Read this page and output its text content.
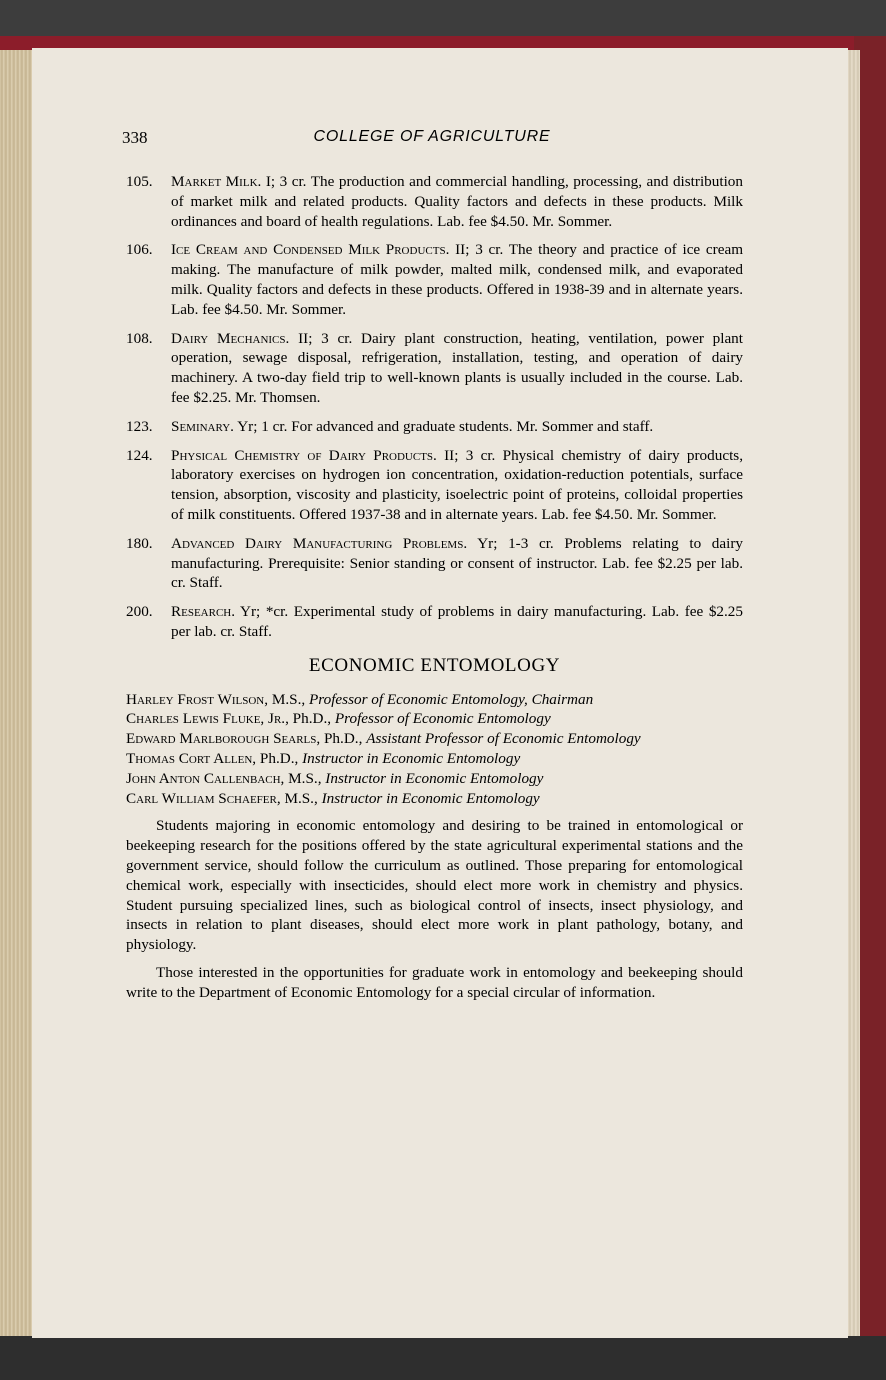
338	COLLEGE OF AGRICULTURE
105.	Market Milk. I; 3 cr. The production and commercial handling, processing, and distribution of market milk and related products. Quality factors and defects in these products. Milk ordinances and board of health regulations. Lab. fee $4.50. Mr. Sommer.
106.	Ice Cream and Condensed Milk Products. II; 3 cr. The theory and practice of ice cream making. The manufacture of milk powder, malted milk, condensed milk, and evaporated milk. Quality factors and defects in these products. Offered in 1938-39 and in alternate years. Lab. fee $4.50. Mr. Sommer.
108.	Dairy Mechanics. II; 3 cr. Dairy plant construction, heating, ventilation, power plant operation, sewage disposal, refrigeration, installation, testing, and operation of dairy machinery. A two-day field trip to well-known plants is usually included in the course. Lab. fee $2.25. Mr. Thomsen.
123.	Seminary. Yr; 1 cr. For advanced and graduate students. Mr. Sommer and staff.
124.	Physical Chemistry of Dairy Products. II; 3 cr. Physical chemistry of dairy products, laboratory exercises on hydrogen ion concentration, oxidation-reduction potentials, surface tension, absorption, viscosity and plasticity, isoelectric point of proteins, colloidal properties of milk constituents. Offered 1937-38 and in alternate years. Lab. fee $4.50. Mr. Sommer.
180.	Advanced Dairy Manufacturing Problems. Yr; 1-3 cr. Problems relating to dairy manufacturing. Prerequisite: Senior standing or consent of instructor. Lab. fee $2.25 per lab. cr. Staff.
200.	Research. Yr; *cr. Experimental study of problems in dairy manufacturing. Lab. fee $2.25 per lab. cr. Staff.
ECONOMIC ENTOMOLOGY
Harley Frost Wilson, M.S., Professor of Economic Entomology, Chairman
Charles Lewis Fluke, Jr., Ph.D., Professor of Economic Entomology
Edward Marlborough Searls, Ph.D., Assistant Professor of Economic Entomology
Thomas Cort Allen, Ph.D., Instructor in Economic Entomology
John Anton Callenbach, M.S., Instructor in Economic Entomology
Carl William Schaefer, M.S., Instructor in Economic Entomology
Students majoring in economic entomology and desiring to be trained in entomological or beekeeping research for the positions offered by the state agricultural experimental stations and the government service, should follow the curriculum as outlined. Those preparing for entomological chemical work, especially with insecticides, should elect more work in chemistry and physics. Student pursuing specialized lines, such as biological control of insects, insect physiology, and insects in relation to plant diseases, should elect more work in plant pathology, botany, and physiology.
Those interested in the opportunities for graduate work in entomology and beekeeping should write to the Department of Economic Entomology for a special circular of information.
